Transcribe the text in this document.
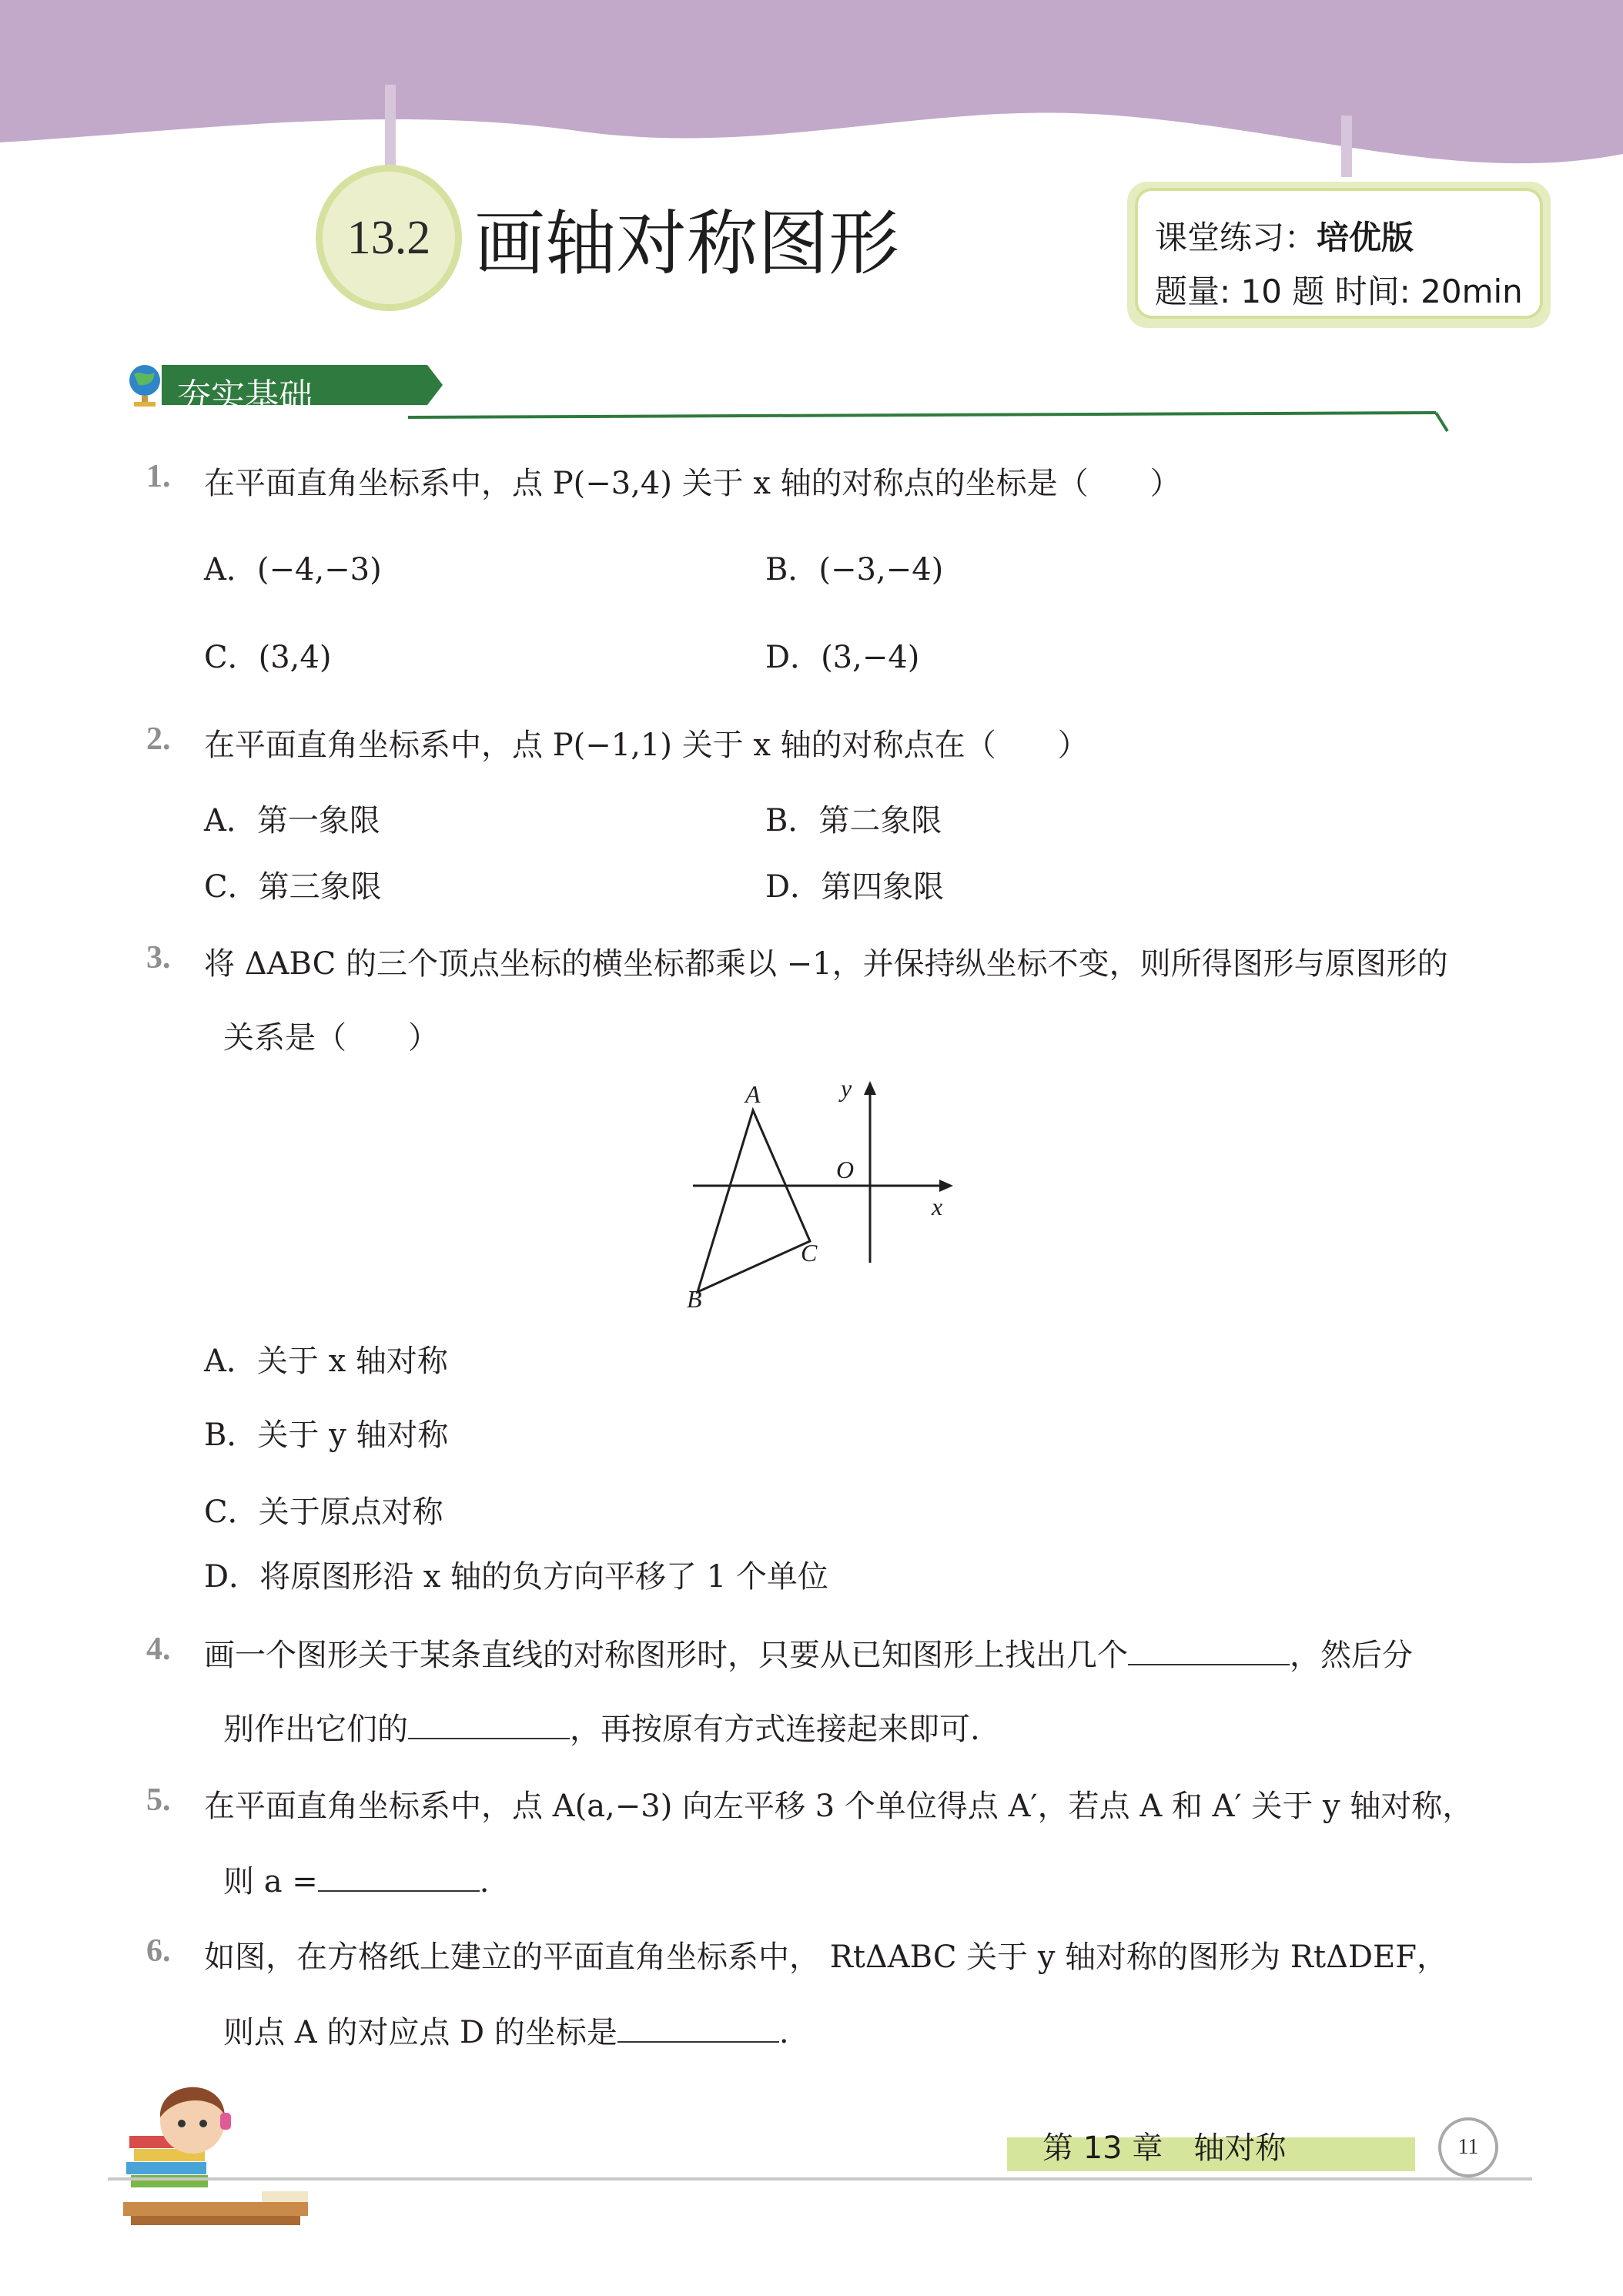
13.2 画轴对称图形	课堂练习：培优版
题量: 10 题 时间: 20min
夯实基础
1. 在平面直角坐标系中，点 P(−3,4) 关于 x 轴的对称点的坐标是（　　）
A．(−4,−3)	B．(−3,−4)
C．(3,4)	D．(3,−4)
2. 在平面直角坐标系中，点 P(−1,1) 关于 x 轴的对称点在（　　）
A．第一象限	B．第二象限
C．第三象限	D．第四象限
3. 将 ΔABC 的三个顶点坐标的横坐标都乘以 −1，并保持纵坐标不变，则所得图形与原图形的
关系是（　　）
A
B
C
O
x
y
A．关于 x 轴对称
B．关于 y 轴对称
C．关于原点对称
D．将原图形沿 x 轴的负方向平移了 1 个单位
4. 画一个图形关于某条直线的对称图形时，只要从已知图形上找出几个	，然后分
别作出它们的	，再按原有方式连接起来即可.
5. 在平面直角坐标系中，点 A(a,−3) 向左平移 3 个单位得点 A′，若点 A 和 A′ 关于 y 轴对称，
则 a =	.
6. 如图，在方格纸上建立的平面直角坐标系中， RtΔABC 关于 y 轴对称的图形为 RtΔDEF，
则点 A 的对应点 D 的坐标是	.
第 13 章　轴对称	11
